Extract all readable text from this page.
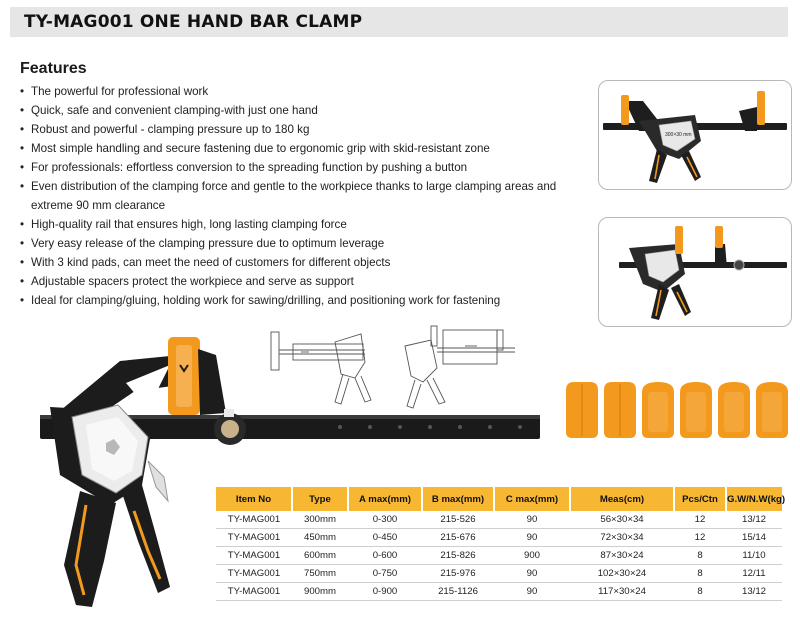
TY-MAG001 ONE HAND BAR CLAMP
Features
• The powerful for professional work
• Quick, safe and convenient clamping-with just one hand
• Robust and powerful - clamping pressure up to 180 kg
• Most simple handling and secure fastening due to ergonomic grip with skid-resistant zone
• For professionals: effortless conversion to the spreading function by pushing a button
• Even distribution of the clamping force and gentle to the workpiece thanks to large clamping areas and extreme 90 mm clearance
• High-quality rail that ensures high, long lasting clamping force
• Very easy release of the clamping pressure due to optimum leverage
• With 3 kind pads, can meet the need of customers for different objects
• Adjustable spacers protect the workpiece and serve as support
• Ideal for clamping/gluing, holding work for sawing/drilling, and positioning work for fastening
300×30 mm
Item No	Type	A max(mm)	B max(mm)	C max(mm)	Meas(cm)	Pcs/Ctn	G.W/N.W(kg)
TY-MAG001	300mm	0-300	215-526	90	56×30×34	12	13/12
TY-MAG001	450mm	0-450	215-676	90	72×30×34	12	15/14
TY-MAG001	600mm	0-600	215-826	900	87×30×24	8	11/10
TY-MAG001	750mm	0-750	215-976	90	102×30×24	8	12/11
TY-MAG001	900mm	0-900	215-1126	90	117×30×24	8	13/12
